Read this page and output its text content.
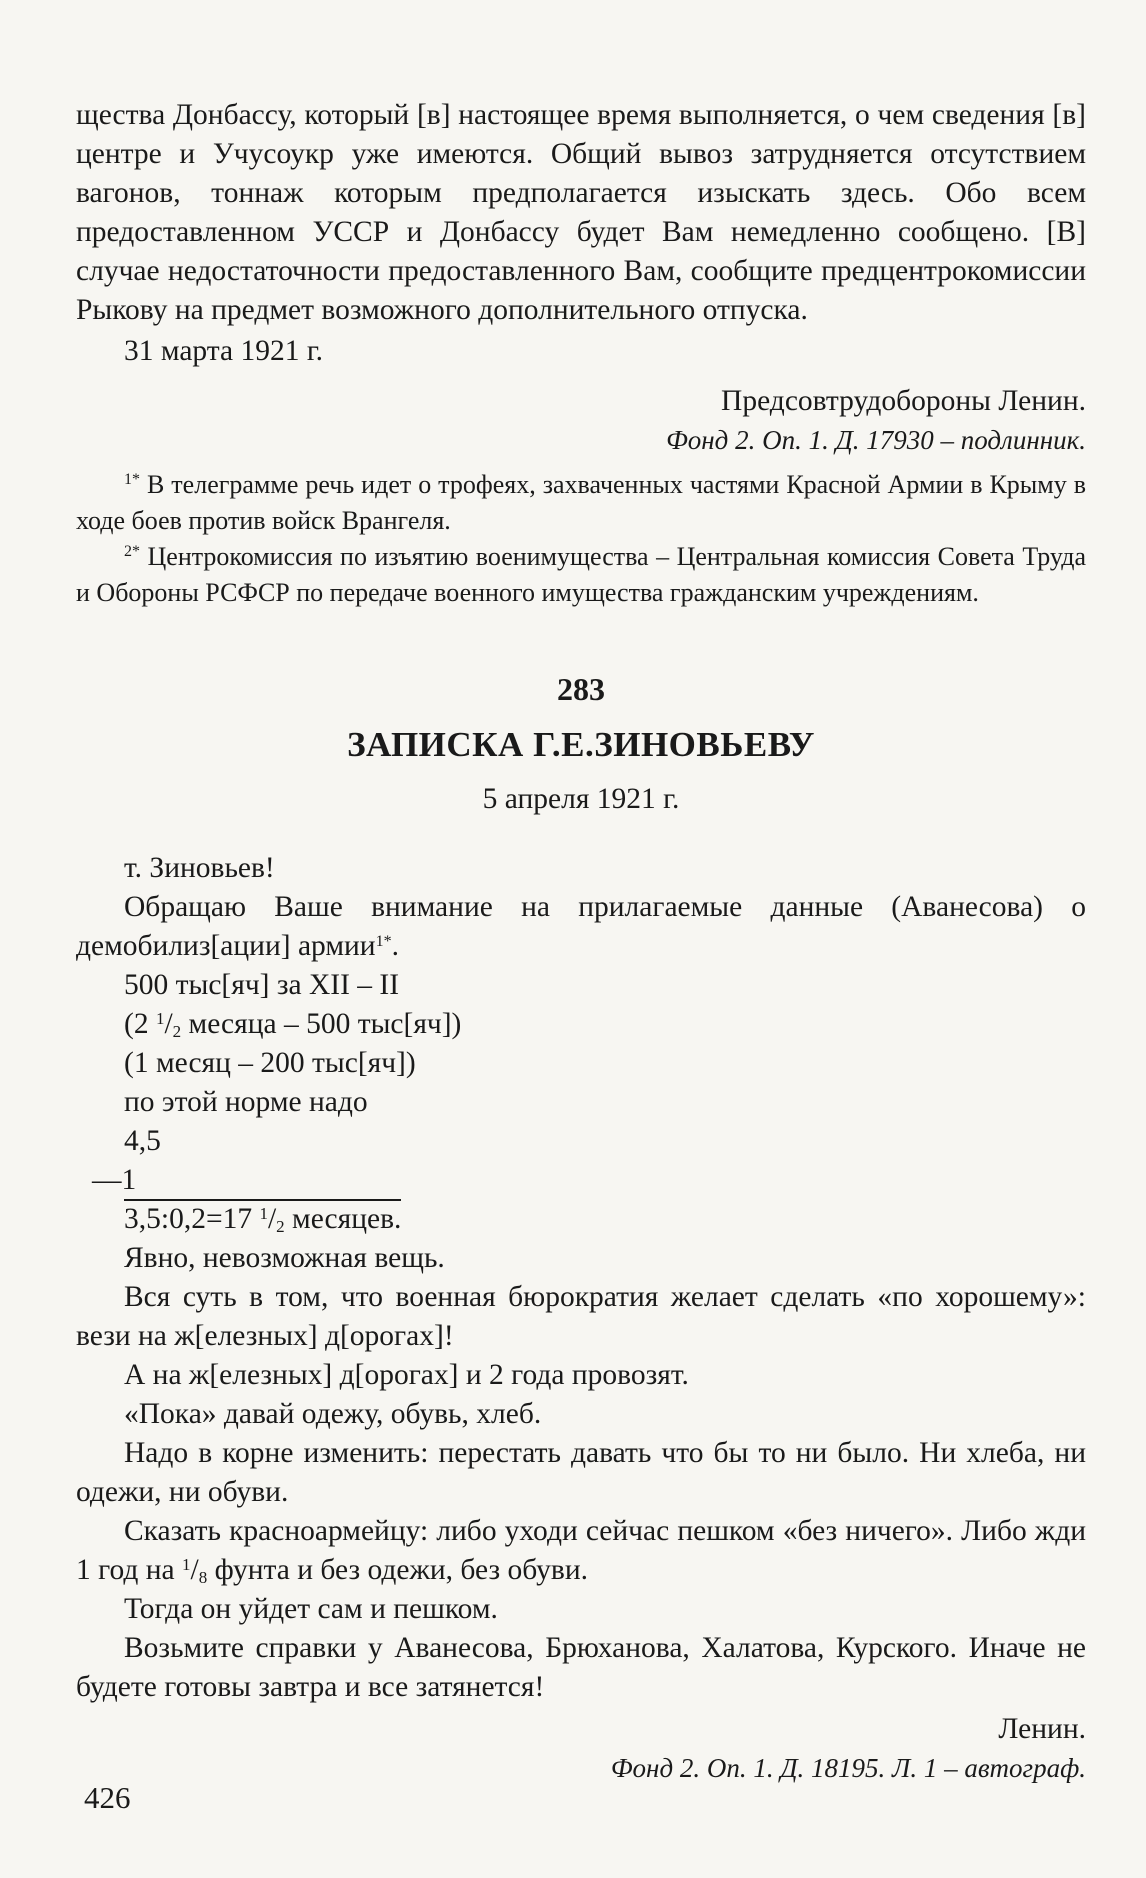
щества Донбассу, который [в] настоящее время выполняется, о чем сведения [в] центре и Учусоукр уже имеются. Общий вывоз затрудняется отсутствием вагонов, тоннаж которым предполагается изыскать здесь. Обо всем предоставленном УССР и Донбассу будет Вам немедленно сообщено. [В] случае недостаточности предоставленного Вам, сообщите предцентрокомиссии Рыкову на предмет возможного дополнительного отпуска.

31 марта 1921 г.

Предсовтрудобороны Ленин.

Фонд 2. Оп. 1. Д. 17930 – подлинник.

$^{1*}$ В телеграмме речь идет о трофеях, захваченных частями Красной Армии в Крыму в ходе боев против войск Врангеля.

$^{2*}$ Центрокомиссия по изъятию военимущества – Центральная комиссия Совета Труда и Обороны РСФСР по передаче военного имущества гражданским учреждениям.

283

ЗАПИСКА Г.Е.ЗИНОВЬЕВУ

5 апреля 1921 г.

т. Зиновьев!

Обращаю Ваше внимание на прилагаемые данные (Аванесова) о демобилиз[ации] армии$^{1*}$.

500 тыс[яч] за XII – II

(2 $^1/_2$ месяца – 500 тыс[яч])

(1 месяц – 200 тыс[яч])

по этой норме надо

4,5

—1

3,5:0,2=17 $^1/_2$ месяцев.

Явно, невозможная вещь.

Вся суть в том, что военная бюрократия желает сделать «по хорошему»: вези на ж[елезных] д[орогах]!

А на ж[елезных] д[орогах] и 2 года провозят.

«Пока» давай одежу, обувь, хлеб.

Надо в корне изменить: перестать давать что бы то ни было. Ни хлеба, ни одежи, ни обуви.

Сказать красноармейцу: либо уходи сейчас пешком «без ничего». Либо жди 1 год на $^1/_8$ фунта и без одежи, без обуви.

Тогда он уйдет сам и пешком.

Возьмите справки у Аванесова, Брюханова, Халатова, Курского. Иначе не будете готовы завтра и все затянется!

Ленин.

Фонд 2. Оп. 1. Д. 18195. Л. 1 – автограф.

426
